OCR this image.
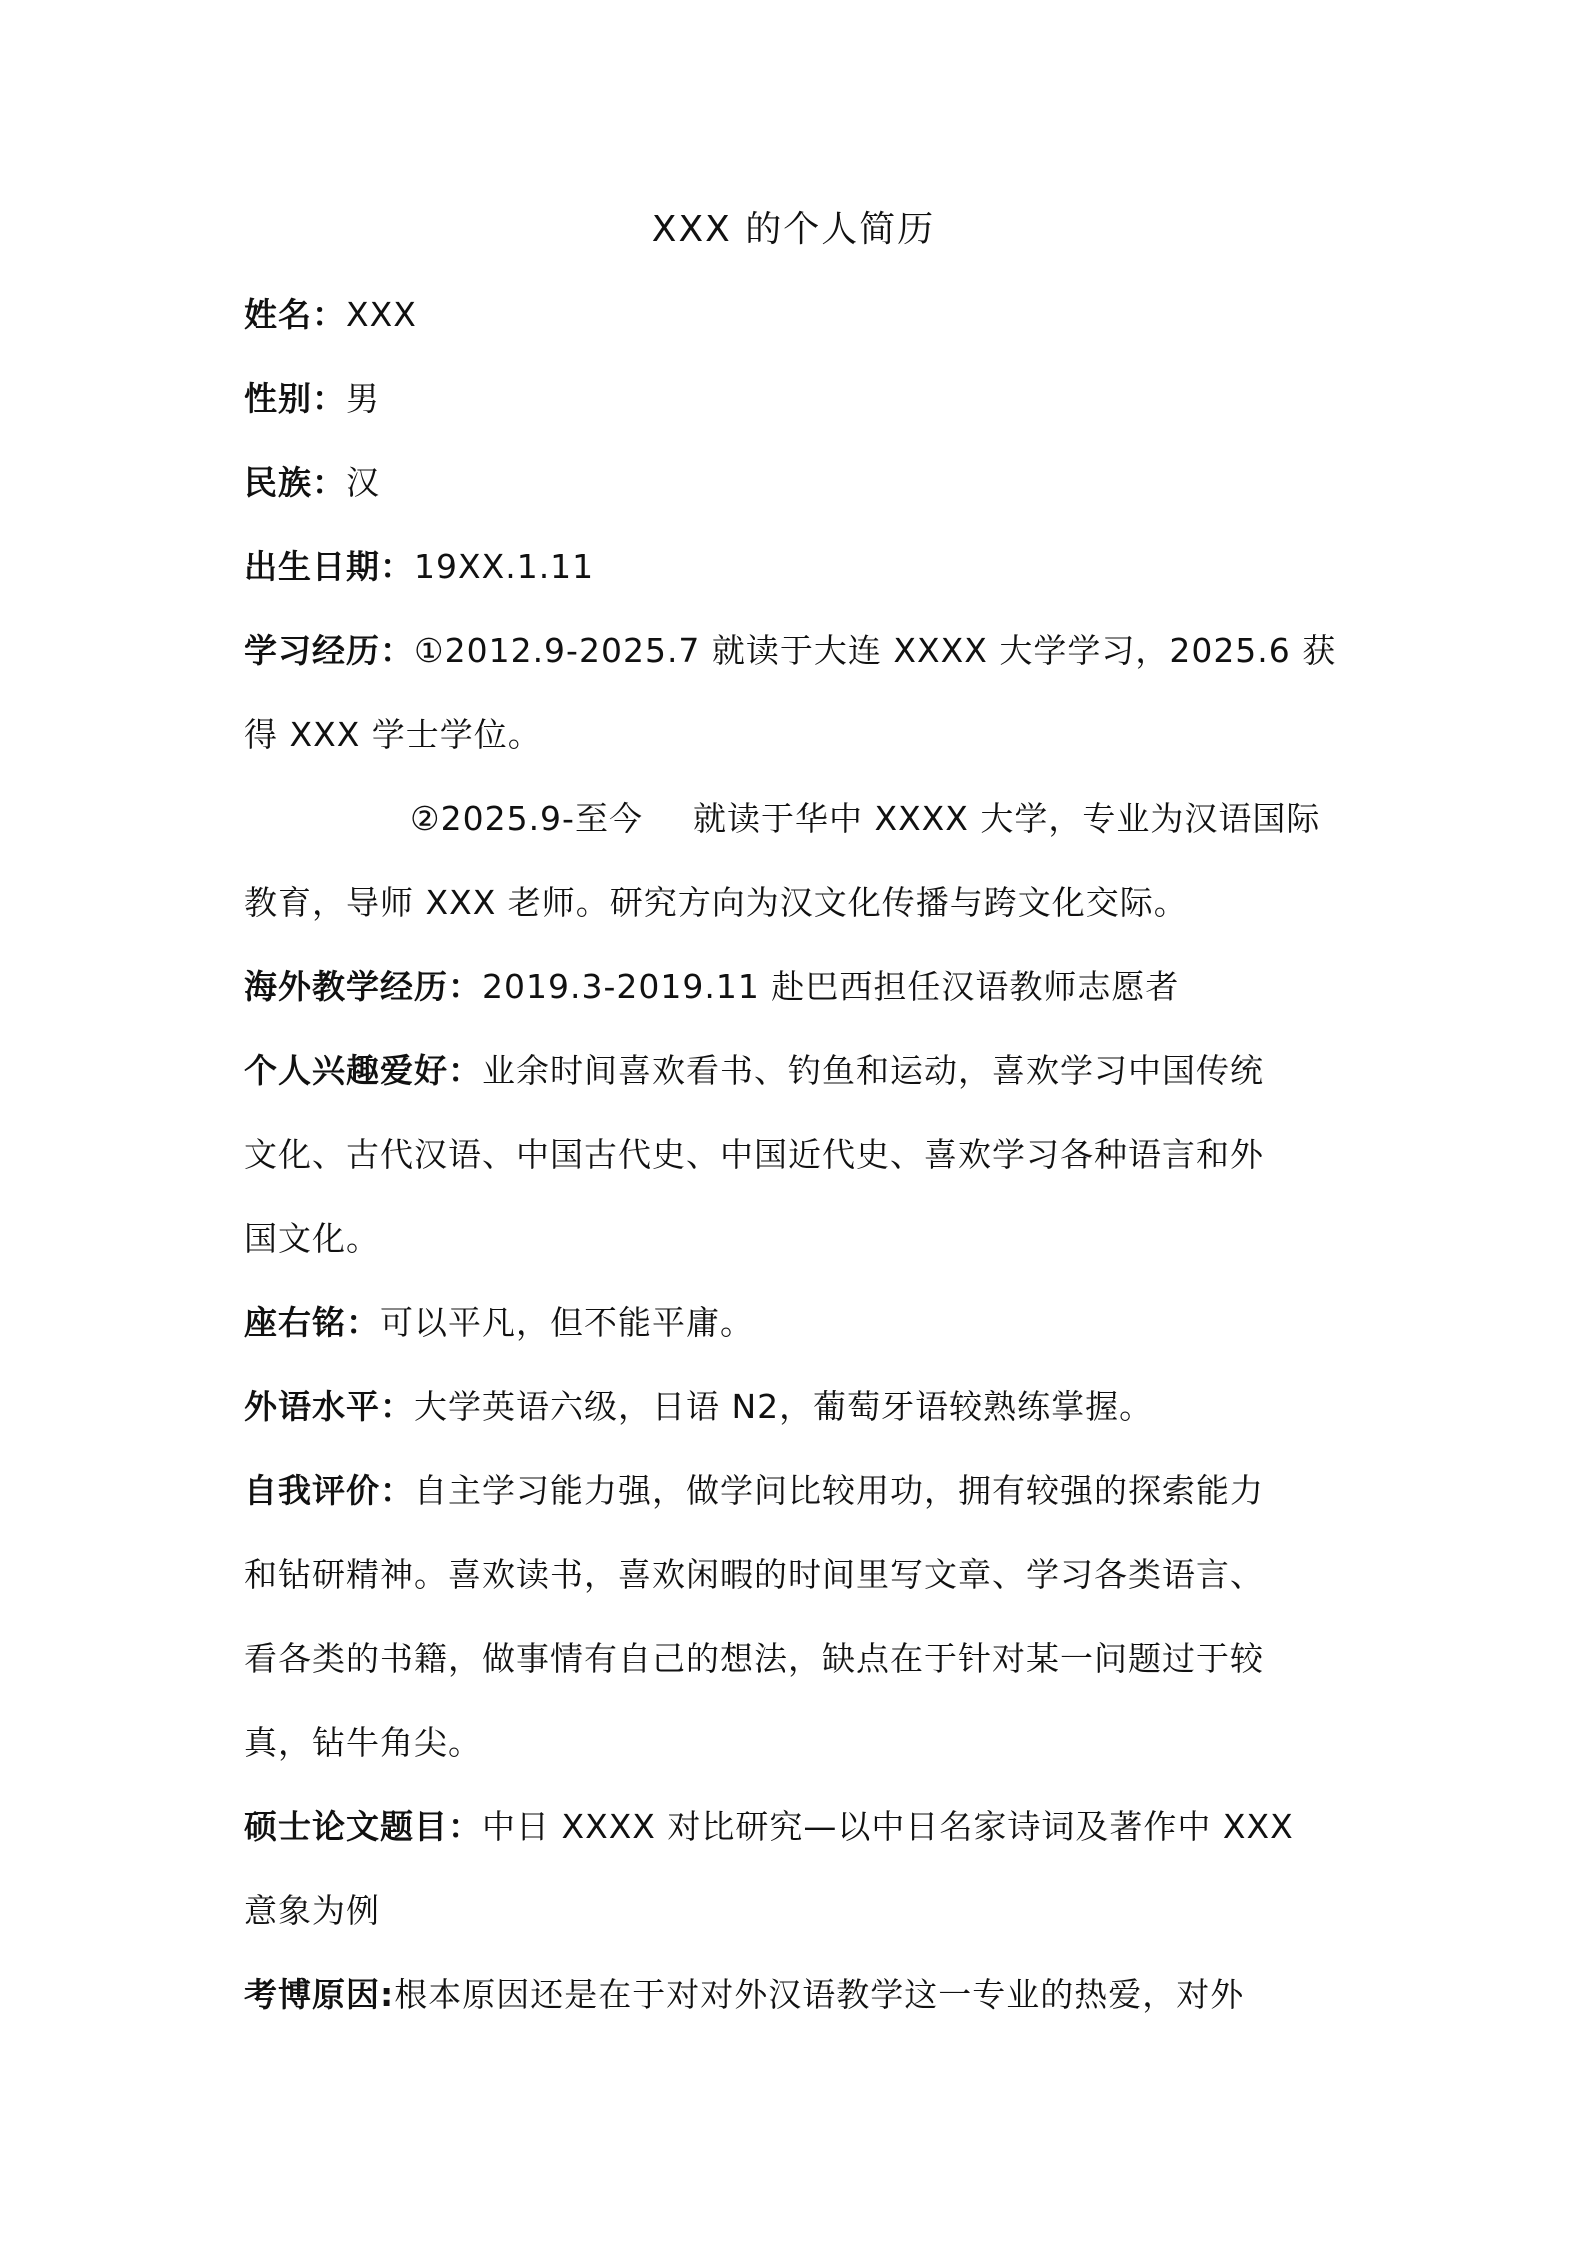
XXX 的个人简历
姓名：XXX
性别：男
民族：汉
出生日期：19XX.1.11
学习经历：①2012.9-2025.7 就读于大连 XXXX 大学学习，2025.6 获
得 XXX 学士学位。
②2025.9-至今 就读于华中 XXXX 大学，专业为汉语国际
教育，导师 XXX 老师。研究方向为汉文化传播与跨文化交际。
海外教学经历：2019.3-2019.11 赴巴西担任汉语教师志愿者
个人兴趣爱好：业余时间喜欢看书、钓鱼和运动，喜欢学习中国传统
文化、古代汉语、中国古代史、中国近代史、喜欢学习各种语言和外
国文化。
座右铭：可以平凡，但不能平庸。
外语水平：大学英语六级，日语 N2，葡萄牙语较熟练掌握。
自我评价：自主学习能力强，做学问比较用功，拥有较强的探索能力
和钻研精神。喜欢读书，喜欢闲暇的时间里写文章、学习各类语言、
看各类的书籍，做事情有自己的想法，缺点在于针对某一问题过于较
真，钻牛角尖。
硕士论文题目：中日 XXXX 对比研究—以中日名家诗词及著作中 XXX
意象为例
考博原因:根本原因还是在于对对外汉语教学这一专业的热爱，对外
